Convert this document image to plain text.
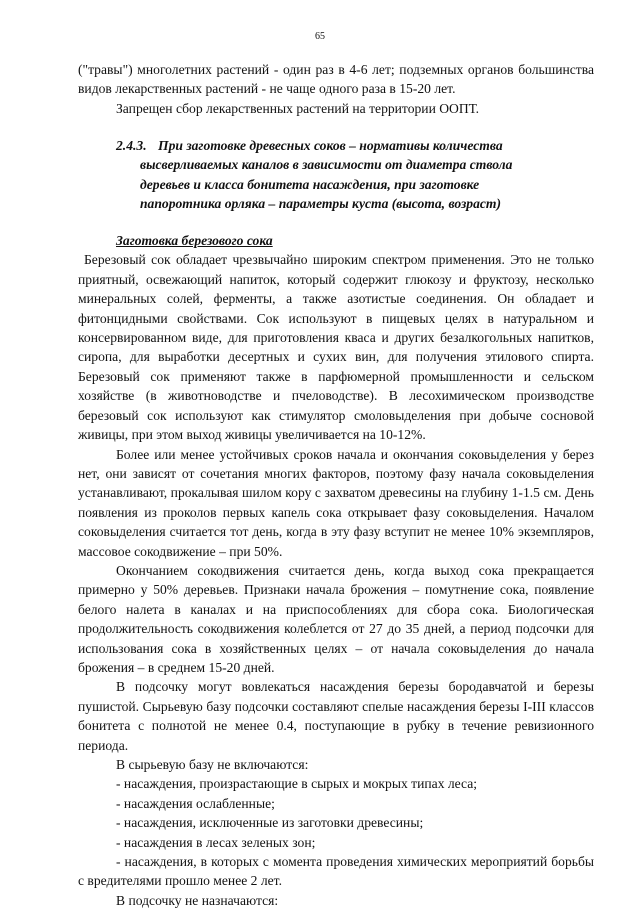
65

("травы") многолетних растений - один раз в 4-6 лет; подземных органов большинства видов лекарственных растений - не чаще одного раза в 15-20 лет.

Запрещен сбор лекарственных растений на территории ООПТ.

2.4.3. При заготовке древесных соков – нормативы количества
высверливаемых каналов в зависимости от диаметра ствола
деревьев и класса бонитета насаждения, при заготовке
папоротника орляка – параметры куста (высота, возраст)
Заготовка березового сока

Березовый сок обладает чрезвычайно широким спектром применения. Это не только приятный, освежающий напиток, который содержит глюкозу и фруктозу, несколько минеральных солей, ферменты, а также азотистые соединения. Он обладает и фитонцидными свойствами. Сок используют в пищевых целях в натуральном и консервированном виде, для приготовления кваса и других безалкогольных напитков, сиропа, для выработки десертных и сухих вин, для получения этилового спирта. Березовый сок применяют также в парфюмерной промышленности и сельском хозяйстве (в животноводстве и пчеловодстве). В лесохимическом производстве березовый сок используют как стимулятор смоловыделения при добыче сосновой живицы, при этом выход живицы увеличивается на 10-12%.

Более или менее устойчивых сроков начала и окончания соковыделения у берез нет, они зависят от сочетания многих факторов, поэтому фазу начала соковыделения устанавливают, прокалывая шилом кору с захватом древесины на глубину 1-1.5 см. День появления из проколов первых капель сока открывает фазу соковыделения. Началом соковыделения считается тот день, когда в эту фазу вступит не менее 10% экземпляров, массовое сокодвижение – при 50%.

Окончанием сокодвижения считается день, когда выход сока прекращается примерно у 50% деревьев. Признаки начала брожения – помутнение сока, появление белого налета в каналах и на приспособлениях для сбора сока. Биологическая продолжительность сокодвижения колеблется от 27 до 35 дней, а период подсочки для использования сока в хозяйственных целях – от начала соковыделения до начала брожения – в среднем 15-20 дней.

В подсочку могут вовлекаться насаждения березы бородавчатой и березы пушистой. Сырьевую базу подсочки составляют спелые насаждения березы I-III классов бонитета с полнотой не менее 0.4, поступающие в рубку в течение ревизионного периода.

В сырьевую базу не включаются:

- насаждения, произрастающие в сырых и мокрых типах леса;

- насаждения ослабленные;

- насаждения, исключенные из заготовки древесины;

- насаждения в лесах зеленых зон;

- насаждения, в которых с момента проведения химических мероприятий борьбы с вредителями прошло менее 2 лет.

В подсочку не назначаются:
